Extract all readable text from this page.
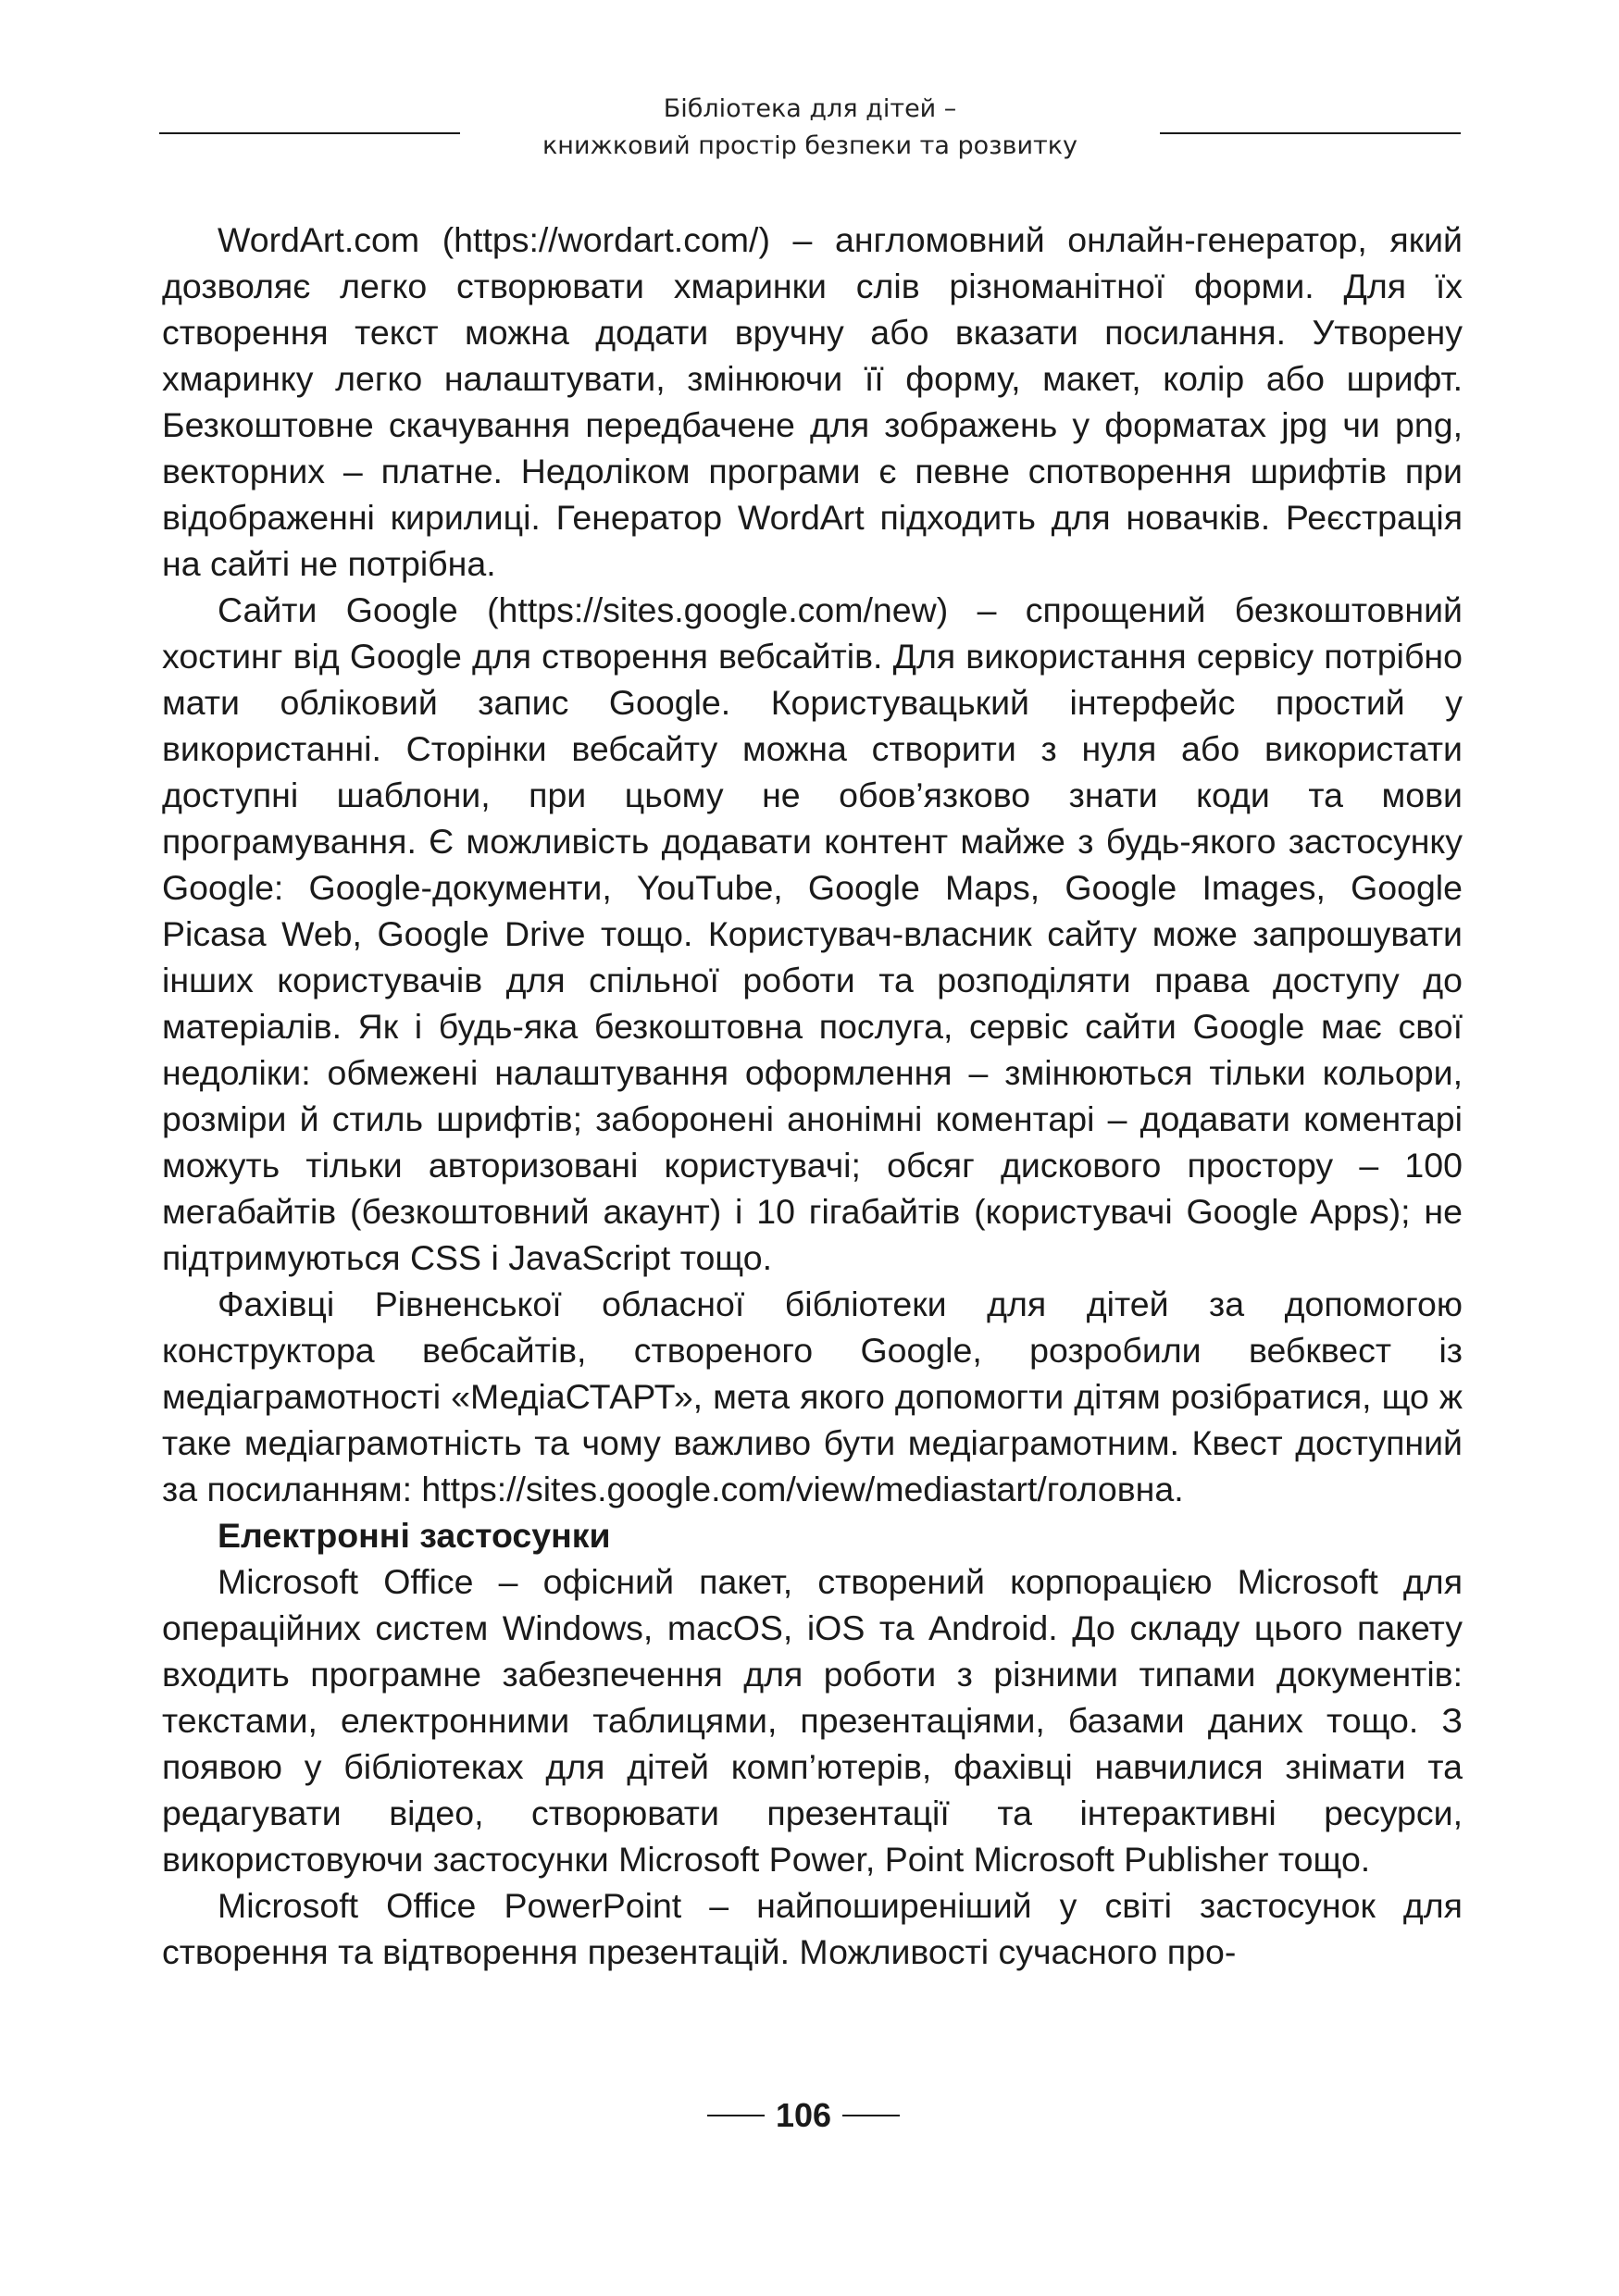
Бібліотека для дітей –
книжковий простір безпеки та розвитку

WordArt.com (https://wordart.com/) – англомовний онлайн-генератор, який дозволяє легко створювати хмаринки слів різноманітної форми. Для їх створення текст можна додати вручну або вказати посилання. Утворену хмаринку легко налаштувати, змінюючи її форму, макет, колір або шрифт. Безкоштовне скачування передбачене для зображень у форматах jpg чи png, векторних – платне. Недоліком програми є певне спотворення шрифтів при відображенні кирилиці. Генератор WordArt підходить для новачків. Реєстрація на сайті не потрібна.

Сайти Google (https://sites.google.com/new) – спрощений безкоштовний хостинг від Google для створення вебсайтів. Для використання сервісу потрібно мати обліковий запис Google. Користувацький інтерфейс простий у використанні. Сторінки вебсайту можна створити з нуля або використати доступні шаблони, при цьому не обов’язково знати коди та мови програмування. Є можливість додавати контент майже з будь-якого застосунку Google: Google-документи, YouTube, Google Maps, Google Images, Google Picasa Web, Google Drive тощо. Користувач-власник сайту може запрошувати інших користувачів для спільної роботи та розподіляти права доступу до матеріалів. Як і будь-яка безкоштовна послуга, сервіс сайти Google має свої недоліки: обмежені налаштування оформлення – змінюються тільки кольори, розміри й стиль шрифтів; заборонені анонімні коментарі – додавати коментарі можуть тільки авторизовані користувачі; обсяг дискового простору – 100 мегабайтів (безкоштовний акаунт) і 10 гігабайтів (користувачі Google Apps); не підтримуються CSS і JavaScript тощо.

Фахівці Рівненської обласної бібліотеки для дітей за допомогою конструктора вебсайтів, створеного Google, розробили вебквест із медіаграмотності «МедіаСТАРТ», мета якого допомогти дітям розібратися, що ж таке медіаграмотність та чому важливо бути медіаграмотним. Квест доступний за посиланням: https://sites.google.com/view/mediastart/головна.

Електронні застосунки

Microsoft Office – офісний пакет, створений корпорацією Microsoft для операційних систем Windows, macOS, iOS та Android. До складу цього пакету входить програмне забезпечення для роботи з різними типами документів: текстами, електронними таблицями, презентаціями, базами даних тощо. З появою у бібліотеках для дітей комп’ютерів, фахівці навчилися знімати та редагувати відео, створювати презентації та інтерактивні ресурси, використовуючи застосунки Microsoft Power, Point Microsoft Publisher тощо.

Microsoft Office PowerPoint – найпоширеніший у світі застосунок для створення та відтворення презентацій. Можливості сучасного про-

106
